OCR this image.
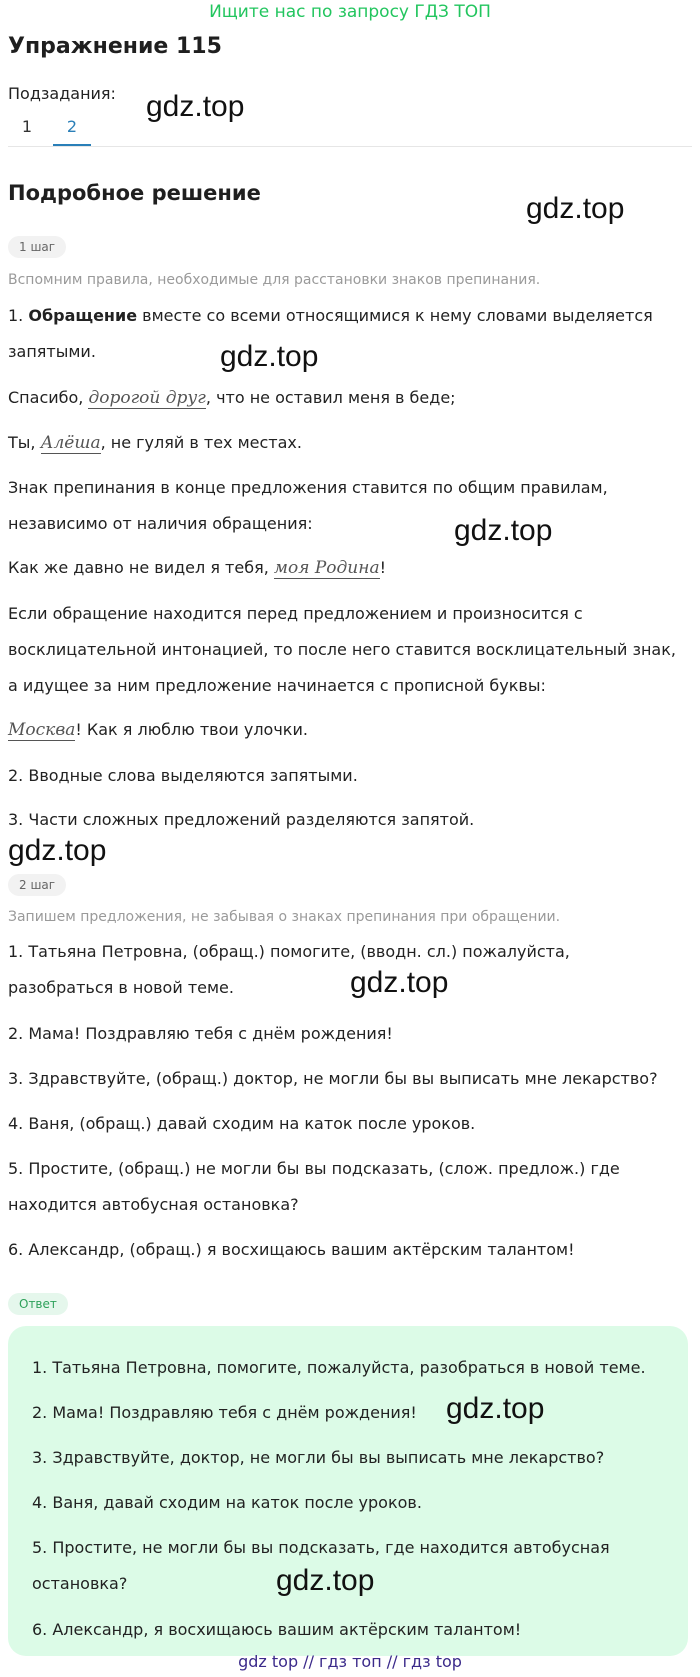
Ищите нас по запросу ГДЗ ТОП
Упражнение 115
Подзадания:
1	2
gdz.top
Подробное решение	gdz.top
1 шаг
Вспомним правила, необходимые для расстановки знаков препинания.
1. Обращение вместе со всеми относящимися к нему словами выделяется запятыми.	gdz.top
Спасибо, дорогой друг, что не оставил меня в беде;
Ты, Алёша, не гуляй в тех местах.
Знак препинания в конце предложения ставится по общим правилам, независимо от наличия обращения:	gdz.top
Как же давно не видел я тебя, моя Родина!
Если обращение находится перед предложением и произносится с восклицательной интонацией, то после него ставится восклицательный знак, а идущее за ним предложение начинается с прописной буквы:
Москва! Как я люблю твои улочки.
2. Вводные слова выделяются запятыми.
3. Части сложных предложений разделяются запятой.
gdz.top
2 шаг
Запишем предложения, не забывая о знаках препинания при обращении.
1. Татьяна Петровна, (обращ.) помогите, (вводн. сл.) пожалуйста, разобраться в новой теме.	gdz.top
2. Мама! Поздравляю тебя с днём рождения!
3. Здравствуйте, (обращ.) доктор, не могли бы вы выписать мне лекарство?
4. Ваня, (обращ.) давай сходим на каток после уроков.
5. Простите, (обращ.) не могли бы вы подсказать, (слож. предлож.) где находится автобусная остановка?
6. Александр, (обращ.) я восхищаюсь вашим актёрским талантом!
Ответ
1. Татьяна Петровна, помогите, пожалуйста, разобраться в новой теме.
2. Мама! Поздравляю тебя с днём рождения! gdz.top
3. Здравствуйте, доктор, не могли бы вы выписать мне лекарство?
4. Ваня, давай сходим на каток после уроков.
5. Простите, не могли бы вы подсказать, где находится автобусная остановка?	gdz.top
6. Александр, я восхищаюсь вашим актёрским талантом!
gdz top // гдз топ // гдз top
